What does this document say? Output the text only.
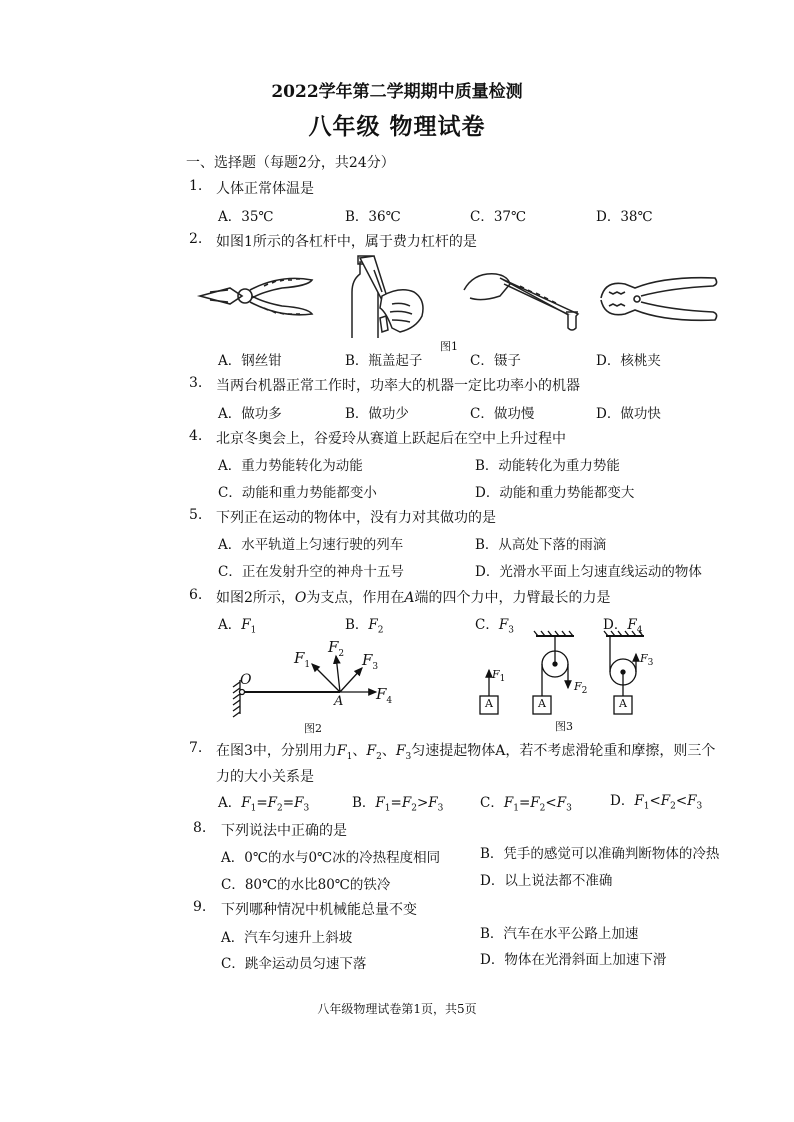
2022学年第二学期期中质量检测
八年级 物理试卷
一、选择题（每题2分，共24分）
1. 人体正常体温是
A．35℃	B．36℃	C．37℃	D．38℃
2. 如图1所示的各杠杆中，属于费力杠杆的是
图1
A．钢丝钳	B．瓶盖起子	C．镊子	D．核桃夹
3. 当两台机器正常工作时，功率大的机器一定比功率小的机器
A．做功多	B．做功少	C．做功慢	D．做功快
4. 北京冬奥会上，谷爱玲从赛道上跃起后在空中上升过程中
A．重力势能转化为动能	B．动能转化为重力势能
C．动能和重力势能都变小	D．动能和重力势能都变大
5. 下列正在运动的物体中，没有力对其做功的是
A．水平轨道上匀速行驶的列车	B．从高处下落的雨滴
C．正在发射升空的神舟十五号	D．光滑水平面上匀速直线运动的物体
6. 如图2所示，O为支点，作用在A端的四个力中，力臂最长的力是
A．$F_1$	B．$F_2$	C．$F_3$	D．$F_4$
$F_1$
$F_2$ $F_3$
$F_4$
O
A
图2
A	A	A
$F_1$
$F_2$
$F_3$
图3
7. 在图3中，分别用力$F_1$、$F_2$、$F_3$匀速提起物体A，若不考虑滑轮重和摩擦，则三个
力的大小关系是
A．$F_1=F_2=F_3$	B．$F_1=F_2>F_3$	C．$F_1=F_2<F_3$	D．$F_1<F_2<F_3$
8. 下列说法中正确的是
A．0℃的水与0℃冰的冷热程度相同	B．凭手的感觉可以准确判断物体的冷热
C．80℃的水比80℃的铁冷	D．以上说法都不准确
9. 下列哪种情况中机械能总量不变
A．汽车匀速升上斜坡	B．汽车在水平公路上加速
C．跳伞运动员匀速下落	D．物体在光滑斜面上加速下滑
八年级物理试卷第1页，共5页
